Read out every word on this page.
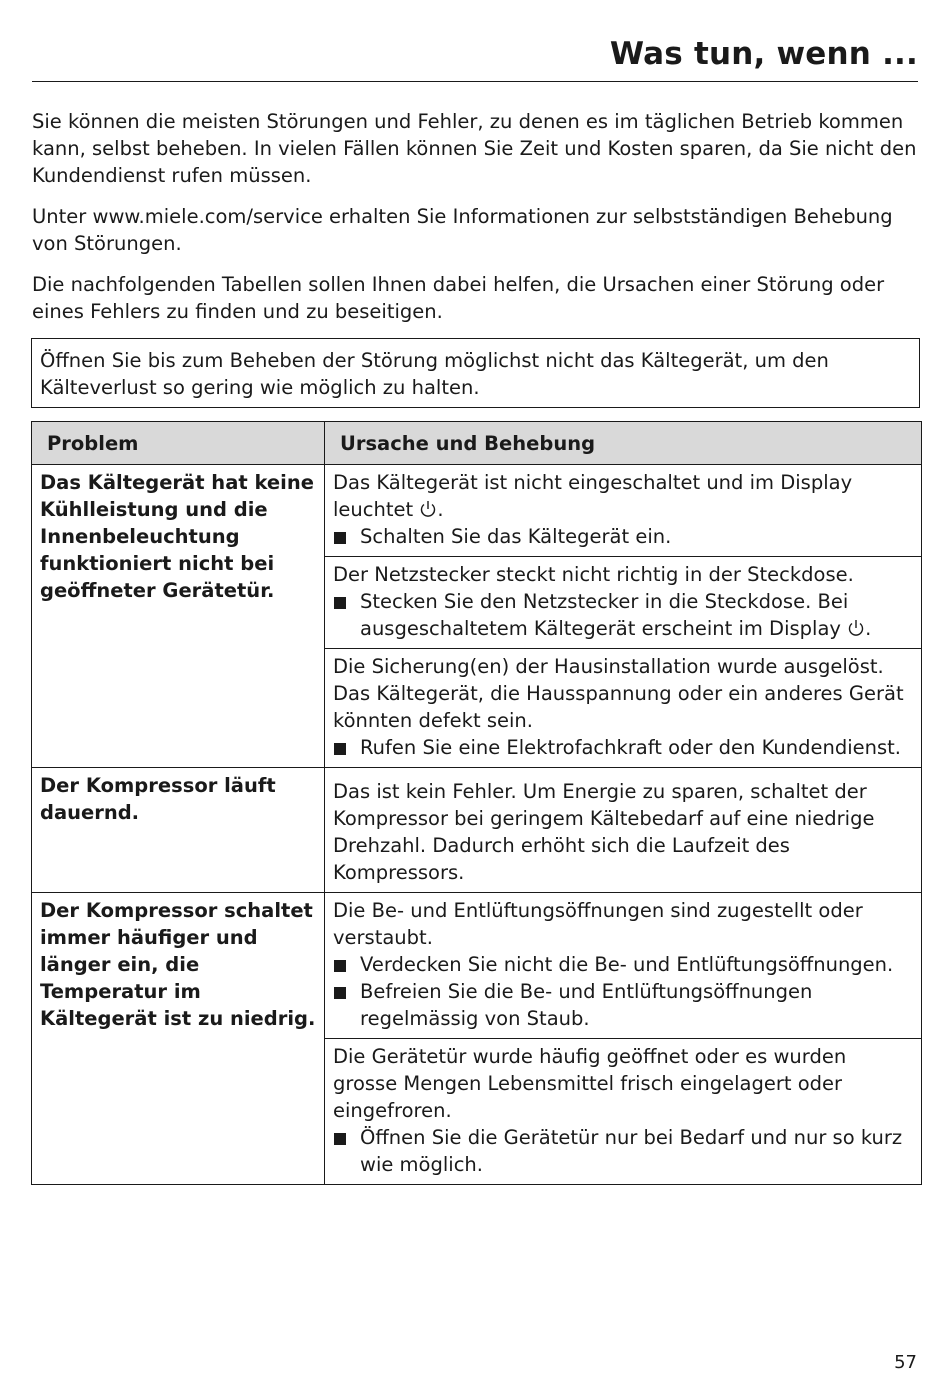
Was tun, wenn ...

Sie können die meisten Störungen und Fehler, zu denen es im täglichen Betrieb kommen kann, selbst beheben. In vielen Fällen können Sie Zeit und Kosten sparen, da Sie nicht den Kundendienst rufen müssen.

Unter www.miele.com/service erhalten Sie Informationen zur selbstständigen Behebung von Störungen.

Die nachfolgenden Tabellen sollen Ihnen dabei helfen, die Ursachen einer Störung oder eines Fehlers zu finden und zu beseitigen.

Öffnen Sie bis zum Beheben der Störung möglichst nicht das Kältegerät, um den Kälteverlust so gering wie möglich zu halten.
Problem	Ursache und Behebung
Das Kältegerät hat keine Kühlleistung und die Innenbeleuchtung funktioniert nicht bei geöffneter Gerätetür.	Das Kältegerät ist nicht eingeschaltet und im Display leuchtet .
Schalten Sie das Kältegerät ein.

	Der Netzstecker steckt nicht richtig in der Steckdose.
Stecken Sie den Netzstecker in die Steckdose. Bei ausgeschaltetem Kältegerät erscheint im Display .

	Die Sicherung(en) der Hausinstallation wurde ausgelöst. Das Kältegerät, die Hausspannung oder ein anderes Gerät könnten defekt sein.
Rufen Sie eine Elektrofachkraft oder den Kundendienst.

Der Kompressor läuft dauernd.	Das ist kein Fehler. Um Energie zu sparen, schaltet der Kompressor bei geringem Kältebedarf auf eine niedrige Drehzahl. Dadurch erhöht sich die Laufzeit des Kompressors.

Der Kompressor schaltet immer häufiger und länger ein, die Temperatur im Kältegerät ist zu niedrig.	Die Be- und Entlüftungsöffnungen sind zugestellt oder verstaubt.
Verdecken Sie nicht die Be- und Entlüftungsöffnungen.
Befreien Sie die Be- und Entlüftungsöffnungen regelmässig von Staub.

	Die Gerätetür wurde häufig geöffnet oder es wurden grosse Mengen Lebensmittel frisch eingelagert oder eingefroren.
Öffnen Sie die Gerätetür nur bei Bedarf und nur so kurz wie möglich.
57
